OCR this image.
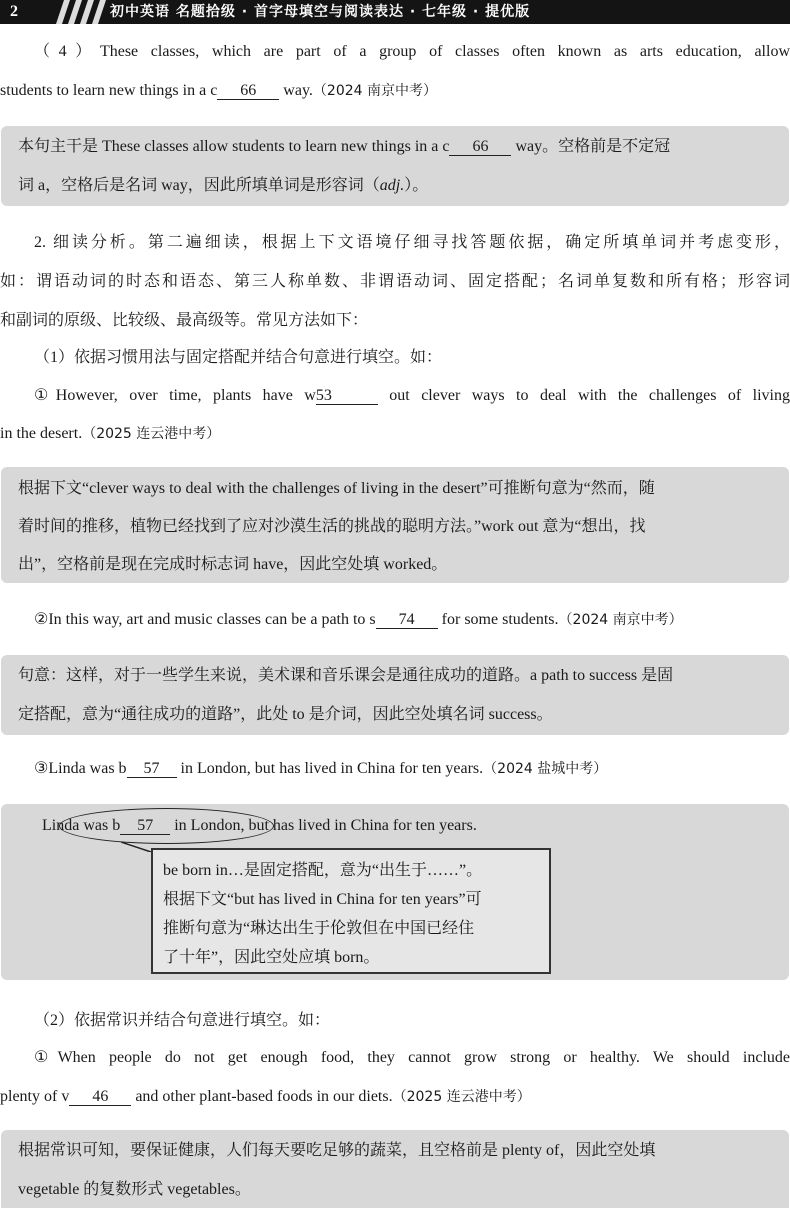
2	初中英语 名题拾级 · 首字母填空与阅读表达 · 七年级 · 提优版
（4）These classes, which are part of a group of classes often known as arts education, allow
students to learn new things in a c 66 way.（2024 南京中考）
本句主干是 These classes allow students to learn new things in a c 66 way。空格前是不定冠
词 a，空格后是名词 way，因此所填单词是形容词（adj.）。
2. 细读分析。第二遍细读，根据上下文语境仔细寻找答题依据，确定所填单词并考虑变形，
如：谓语动词的时态和语态、第三人称单数、非谓语动词、固定搭配；名词单复数和所有格；形容词
和副词的原级、比较级、最高级等。常见方法如下：
（1）依据习惯用法与固定搭配并结合句意进行填空。如：
①However, over time, plants have w53	out clever ways to deal with the challenges of living
in the desert.（2025 连云港中考）
根据下文“clever ways to deal with the challenges of living in the desert”可推断句意为“然而，随
着时间的推移，植物已经找到了应对沙漠生活的挑战的聪明方法。”work out 意为“想出，找
出”，空格前是现在完成时标志词 have，因此空处填 worked。
②In this way, art and music classes can be a path to s 74 for some students.（2024 南京中考）
句意：这样，对于一些学生来说，美术课和音乐课会是通往成功的道路。a path to success 是固
定搭配，意为“通往成功的道路”，此处 to 是介词，因此空处填名词 success。
③Linda was b 57 in London, but has lived in China for ten years.（2024 盐城中考）
Linda was b 57 in London, but has lived in China for ten years.
be born in…是固定搭配，意为“出生于……”。
根据下文“but has lived in China for ten years”可
推断句意为“琳达出生于伦敦但在中国已经住
了十年”，因此空处应填 born。
（2）依据常识并结合句意进行填空。如：
①When people do not get enough food, they cannot grow strong or healthy. We should include
plenty of v 46 and other plant-based foods in our diets.（2025 连云港中考）
根据常识可知，要保证健康，人们每天要吃足够的蔬菜，且空格前是 plenty of，因此空处填
vegetable 的复数形式 vegetables。
